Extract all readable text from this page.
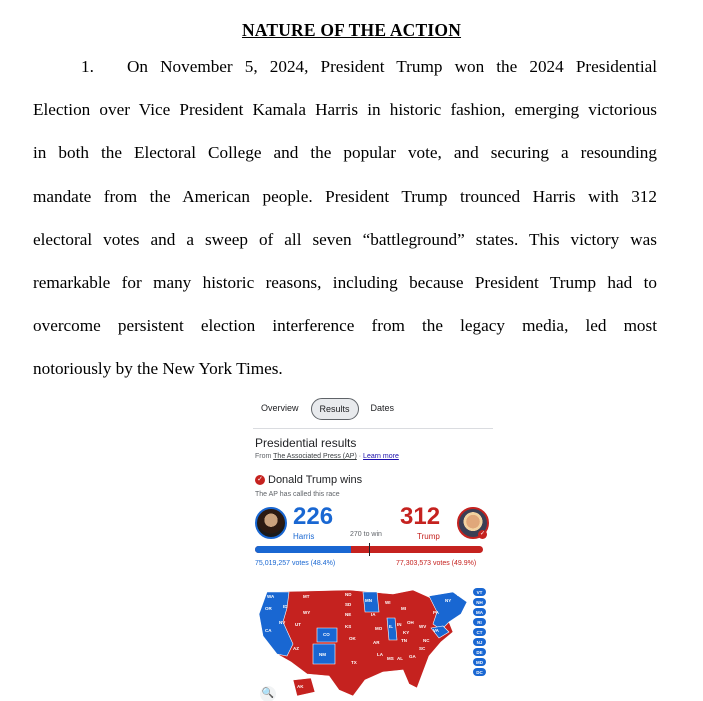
NATURE OF THE ACTION
1. On November 5, 2024, President Trump won the 2024 Presidential
Election over Vice President Kamala Harris in historic fashion, emerging victorious
in both the Electoral College and the popular vote, and securing a resounding
mandate from the American people. President Trump trounced Harris with 312
electoral votes and a sweep of all seven “battleground” states. This victory was
remarkable for many historic reasons, including because President Trump had to
overcome persistent election interference from the legacy media, led most
notoriously by the New York Times.
Overview	Results	Dates
Presidential results
From The Associated Press (AP) · Learn more
✓ Donald Trump wins
The AP has called this race
226
Harris	270 to win
312
Trump	✓
75,019,257 votes (48.4%)	77,303,573 votes (49.9%)
WA
OR
CA
ID
NV
MT
WY
UT
AZ
CO
NM
ND
SD
NE
KS
OK
TX
MN
IA
MO
AR
LA
WI
IL
MI
IN OH
KY
TN
MS AL GA
FL
SC
NC
VA
WV
PA
NY
ME
AK
VT
NH
MA
RI
CT
NJ
DE
MD
DC
🔍
